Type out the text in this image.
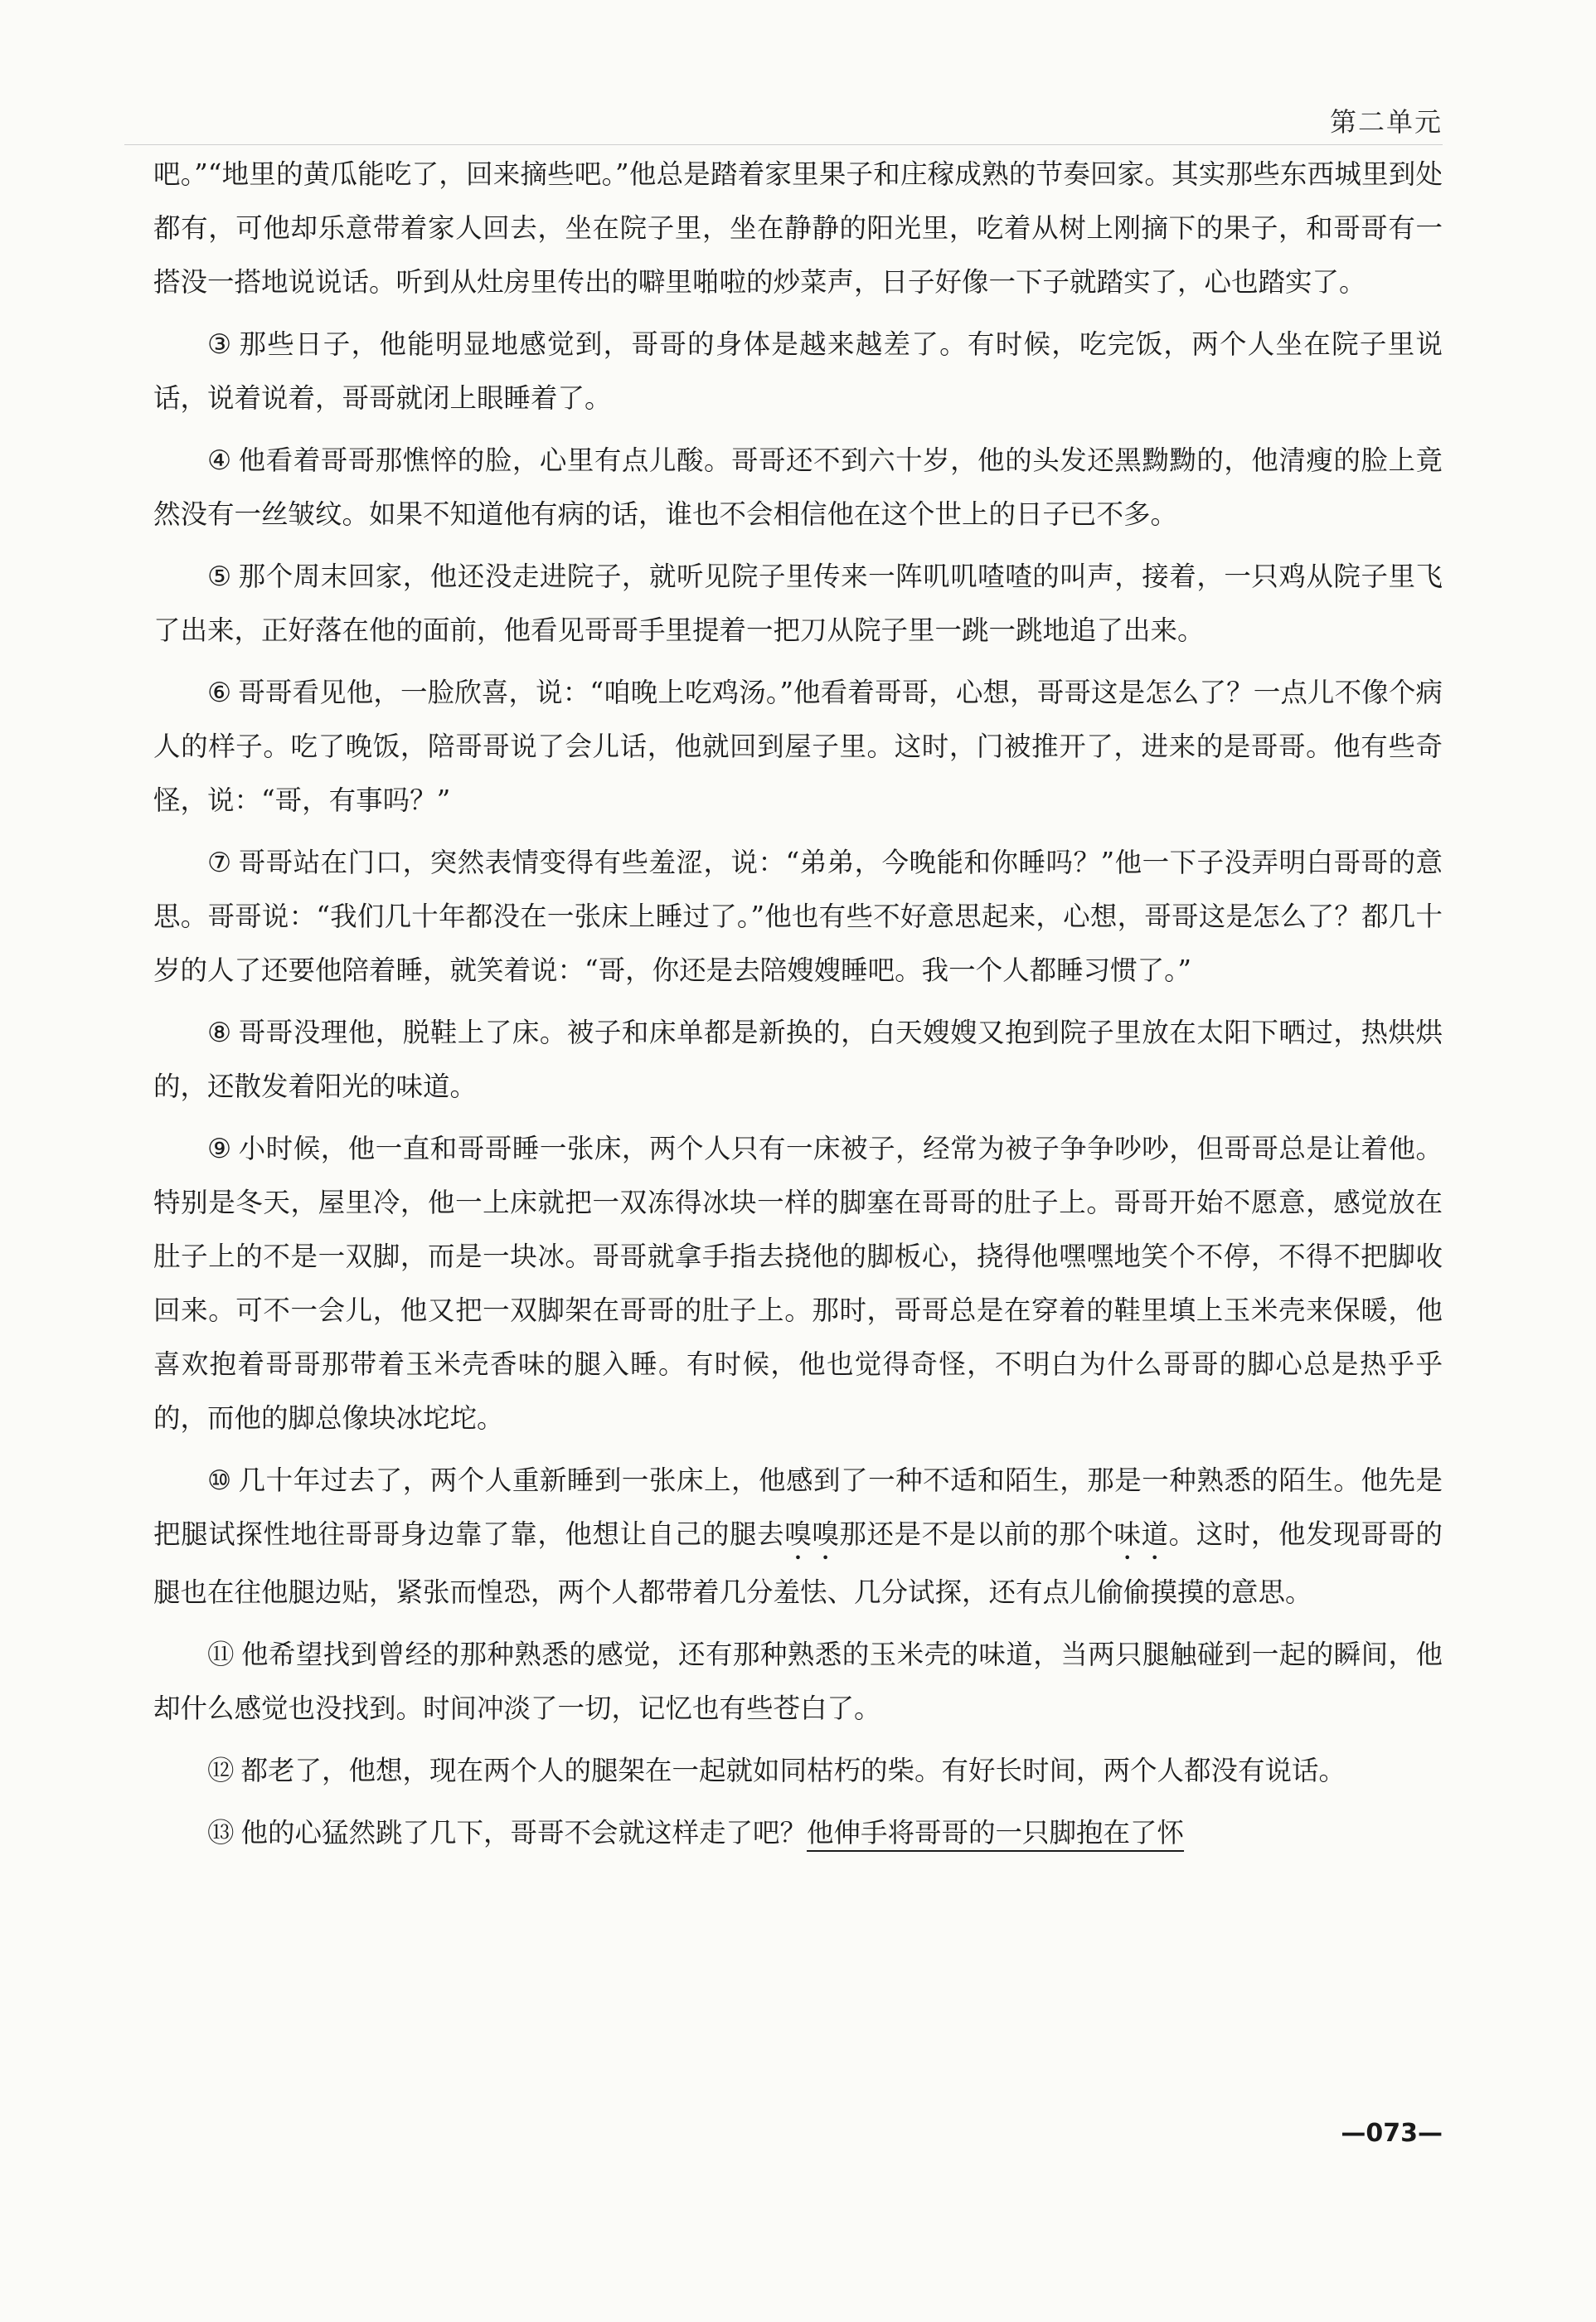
第二单元

吧。”“地里的黄瓜能吃了，回来摘些吧。”他总是踏着家里果子和庄稼成熟的节奏回家。其实那些东西城里到处都有，可他却乐意带着家人回去，坐在院子里，坐在静静的阳光里，吃着从树上刚摘下的果子，和哥哥有一搭没一搭地说说话。听到从灶房里传出的噼里啪啦的炒菜声，日子好像一下子就踏实了，心也踏实了。

③ 那些日子，他能明显地感觉到，哥哥的身体是越来越差了。有时候，吃完饭，两个人坐在院子里说话，说着说着，哥哥就闭上眼睡着了。

④ 他看着哥哥那憔悴的脸，心里有点儿酸。哥哥还不到六十岁，他的头发还黑黝黝的，他清瘦的脸上竟然没有一丝皱纹。如果不知道他有病的话，谁也不会相信他在这个世上的日子已不多。

⑤ 那个周末回家，他还没走进院子，就听见院子里传来一阵叽叽喳喳的叫声，接着，一只鸡从院子里飞了出来，正好落在他的面前，他看见哥哥手里提着一把刀从院子里一跳一跳地追了出来。

⑥ 哥哥看见他，一脸欣喜，说：“咱晚上吃鸡汤。”他看着哥哥，心想，哥哥这是怎么了？一点儿不像个病人的样子。吃了晚饭，陪哥哥说了会儿话，他就回到屋子里。这时，门被推开了，进来的是哥哥。他有些奇怪，说：“哥，有事吗？”

⑦ 哥哥站在门口，突然表情变得有些羞涩，说：“弟弟，今晚能和你睡吗？”他一下子没弄明白哥哥的意思。哥哥说：“我们几十年都没在一张床上睡过了。”他也有些不好意思起来，心想，哥哥这是怎么了？都几十岁的人了还要他陪着睡，就笑着说：“哥，你还是去陪嫂嫂睡吧。我一个人都睡习惯了。”

⑧ 哥哥没理他，脱鞋上了床。被子和床单都是新换的，白天嫂嫂又抱到院子里放在太阳下晒过，热烘烘的，还散发着阳光的味道。

⑨ 小时候，他一直和哥哥睡一张床，两个人只有一床被子，经常为被子争争吵吵，但哥哥总是让着他。特别是冬天，屋里冷，他一上床就把一双冻得冰块一样的脚塞在哥哥的肚子上。哥哥开始不愿意，感觉放在肚子上的不是一双脚，而是一块冰。哥哥就拿手指去挠他的脚板心，挠得他嘿嘿地笑个不停，不得不把脚收回来。可不一会儿，他又把一双脚架在哥哥的肚子上。那时，哥哥总是在穿着的鞋里填上玉米壳来保暖，他喜欢抱着哥哥那带着玉米壳香味的腿入睡。有时候，他也觉得奇怪，不明白为什么哥哥的脚心总是热乎乎的，而他的脚总像块冰坨坨。

⑩ 几十年过去了，两个人重新睡到一张床上，他感到了一种不适和陌生，那是一种熟悉的陌生。他先是把腿试探性地往哥哥身边靠了靠，他想让自己的腿去嗅嗅那还是不是以前的那个味道。这时，他发现哥哥的腿也在往他腿边贴，紧张而惶恐，两个人都带着几分羞怯、几分试探，还有点儿偷偷摸摸的意思。

⑪ 他希望找到曾经的那种熟悉的感觉，还有那种熟悉的玉米壳的味道，当两只腿触碰到一起的瞬间，他却什么感觉也没找到。时间冲淡了一切，记忆也有些苍白了。

⑫ 都老了，他想，现在两个人的腿架在一起就如同枯朽的柴。有好长时间，两个人都没有说话。

⑬ 他的心猛然跳了几下，哥哥不会就这样走了吧？他伸手将哥哥的一只脚抱在了怀

—073—
